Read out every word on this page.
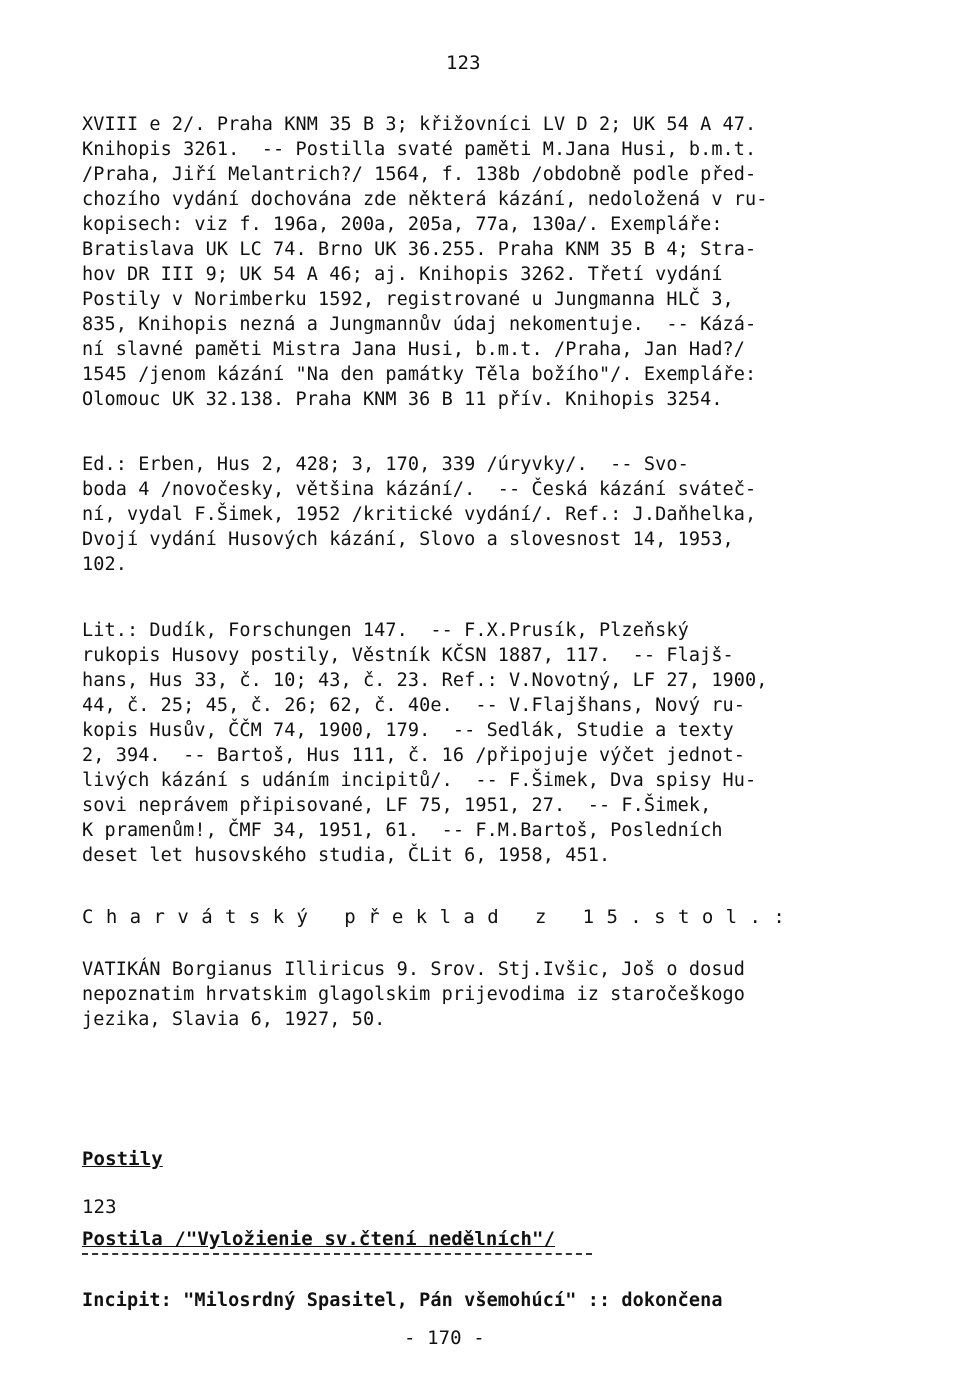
123
XVIII e 2/. Praha KNM 35 B 3; křižovníci LV D 2; UK 54 A 47.
Knihopis 3261.  -- Postilla svaté paměti M.Jana Husi, b.m.t.
/Praha, Jiří Melantrich?/ 1564, f. 138b /obdobně podle před-
chozího vydání dochována zde některá kázání, nedoložená v ru-
kopisech: viz f. 196a, 200a, 205a, 77a, 130a/. Exempláře:
Bratislava UK LC 74. Brno UK 36.255. Praha KNM 35 B 4; Stra-
hov DR III 9; UK 54 A 46; aj. Knihopis 3262. Třetí vydání
Postily v Norimberku 1592, registrované u Jungmanna HLČ 3,
835, Knihopis nezná a Jungmannův údaj nekomentuje.  -- Kázá-
ní slavné paměti Mistra Jana Husi, b.m.t. /Praha, Jan Had?/
1545 /jenom kázání "Na den památky Těla božího"/. Exempláře:
Olomouc UK 32.138. Praha KNM 36 B 11 přív. Knihopis 3254.
Ed.: Erben, Hus 2, 428; 3, 170, 339 /úryvky/.  -- Svo-
boda 4 /novočesky, většina kázání/.  -- Česká kázání sváteč-
ní, vydal F.Šimek, 1952 /kritické vydání/. Ref.: J.Daňhelka,
Dvojí vydání Husových kázání, Slovo a slovesnost 14, 1953,
102.
Lit.: Dudík, Forschungen 147.  -- F.X.Prusík, Plzeňský
rukopis Husovy postily, Věstník KČSN 1887, 117.  -- Flajš-
hans, Hus 33, č. 10; 43, č. 23. Ref.: V.Novotný, LF 27, 1900,
44, č. 25; 45, č. 26; 62, č. 40e.  -- V.Flajšhans, Nový ru-
kopis Husův, ČČM 74, 1900, 179.  -- Sedlák, Studie a texty
2, 394.  -- Bartoš, Hus 111, č. 16 /připojuje výčet jednot-
livých kázání s udáním incipitů/.  -- F.Šimek, Dva spisy Hu-
sovi neprávem připisované, LF 75, 1951, 27.  -- F.Šimek,
K pramenům!, ČMF 34, 1951, 61.  -- F.M.Bartoš, Posledních
deset let husovského studia, ČLit 6, 1958, 451.
Charvátský překlad z 15.stol.:
VATIKÁN Borgianus Illiricus 9. Srov. Stj.Ivšic, Još o dosud
nepoznatim hrvatskim glagolskim prijevodima iz staročeškogo
jezika, Slavia 6, 1927, 50.
Postily
123
Postila /"Vyložienie sv.čtení nedělních"/
Incipit: "Milosrdný Spasitel, Pán všemohúcí" :: dokončena
- 170 -
